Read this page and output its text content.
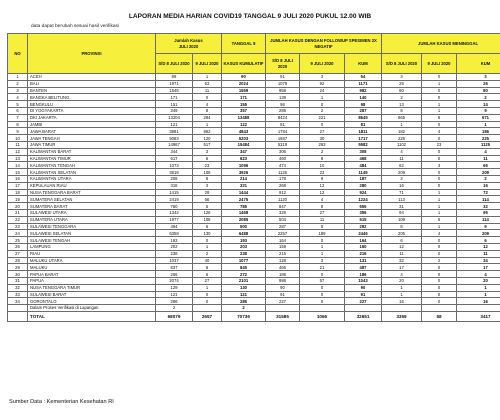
LAPORAN MEDIA HARIAN COVID19 TANGGAL 9 JULI 2020 PUKUL 12.00 WIB
data dapat berubah sesuai hasil verifikasi
NO	PROVINSI	Jumlah Kasus
JULI 2020		TANGGAL 9	JUMLAH KASUS DENGAN FOLLOWUP SPESIMEN 2X NEGATIF			JUMLAH KASUS MENINGGAL		
		S/D 8 JULI 2020	9 JULI 2020	KASUS KUMULATIF	S/D 8 JULI 2020	9 JULI 2020	KUM	S/D 8 JULI 2020	9 JULI 2020	KUM
1	ACEH	89	1	90	51	3	54	3	0	3
2	BALI	1971	53	2024	1079	92	1171	25	1	26
3	BANTEN	1548	11	1559	958	24	982	80	0	80
4	BANGKA BELITUNG	171	0	171	139	1	140	2	0	2
5	BENGKULU	151	4	155	98	0	98	13	1	14
6	DI YOGYAKARTA	349	8	357	285	2	287	8	1	9
7	DKI JAKARTA	13204	284	13488	8424	221	8645	665	6	671
8	JAMBI	121	1	122	81	0	81	1	0	1
9	JAWA BARAT	3881	962	4843	1784	27	1811	182	4	186
10	JAWA TENGAH	5083	120	5203	1687	30	1717	225	0	225
11	JAWA TIMUR	14967	517	15484	5319	263	5582	1102	23	1125
12	KALIMANTAN BARAT	344	3	347	306	2	308	4	0	4
13	KALIMANTAN TIMUR	617	6	623	460	8	468	11	0	11
14	KALIMANTAN TENGAH	1073	23	1096	474	10	484	62	3	65
15	KALIMANTAN SELATAN	3818	108	3926	1126	23	1149	209	0	209
16	KALIMANTAN UTARA	206	8	214	178	9	187	2	0	2
17	KEPULAUAN RIAU	318	3	321	268	12	280	16	0	16
18	NUSA TENGGARA BARAT	1415	29	1444	912	12	924	71	1	72
19	SUMATERA SELATAN	2419	56	2475	1120	4	1224	113	1	114
20	SUMATERA BARAT	780	5	785	647	8	655	31	1	32
21	SULAWESI UTARA	1342	126	1468	329	27	356	94	1	95
22	SUMATERA UTARA	1977	108	2085	504	11	515	109	5	114
23	SULAWESI TENGGARA	494	6	500	287	5	292	8	1	9
24	SULAWESI SELATAN	6358	130	6488	2257	189	2446	205	4	209
25	SULAWESI TENGAH	193	0	193	164	0	164	6	0	6
26	LAMPUNG	202	1	203	159	1	160	12	0	12
27	RIAU	236	2	238	215	1	216	11	0	11
28	MALUKU UTARA	1037	40	1077	128	3	131	32	2	34
29	MALUKU	837	8	845	466	21	487	17	0	17
30	PAPUA BARAT	266	6	272	186	0	186	4	0	4
31	PAPUA	2074	27	2101	986	57	1043	20	0	20
32	NUSA TENGGARA TIMUR	129	1	130	90	0	90	1	0	1
33	SULAWESI BARAT	121	0	121	91	0	91	1	0	1
34	GORONTALO	286	0	286	227	0	227	16	0	16
	Dalam Proses Verifikasi di Lapangan	2		2						
	TOTAL	68079	2657	70736	31585	1066	32651	3359	58	3417
Sumber Data : Kementerian Kesehatan RI
